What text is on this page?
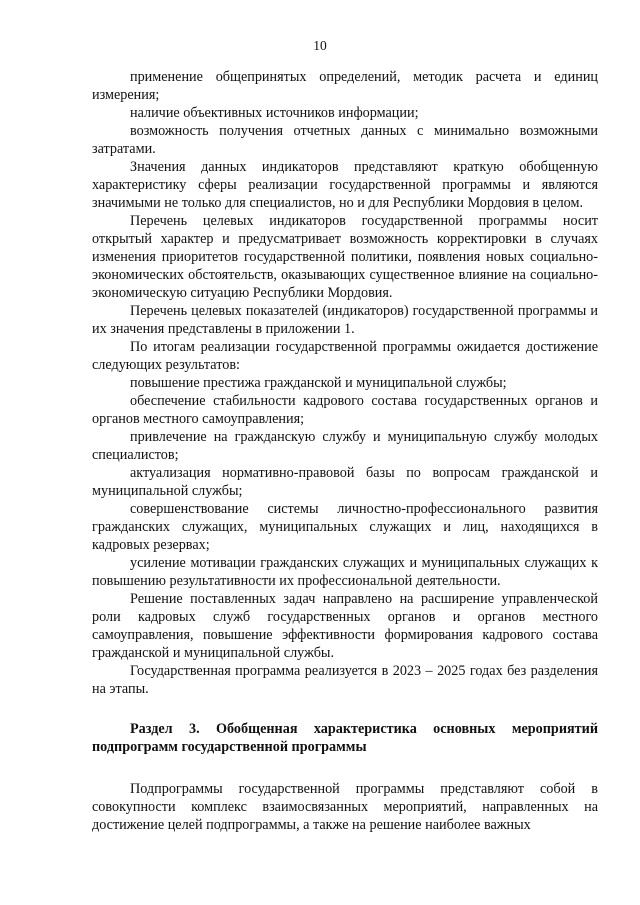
10

применение общепринятых определений, методик расчета и единиц измерения;

наличие объективных источников информации;

возможность получения отчетных данных с минимально возможными затратами.

Значения данных индикаторов представляют краткую обобщенную характеристику сферы реализации государственной программы и являются значимыми не только для специалистов, но и для Республики Мордовия в целом.

Перечень целевых индикаторов государственной программы носит открытый характер и предусматривает возможность корректировки в случаях изменения приоритетов государственной политики, появления новых социально-экономических обстоятельств, оказывающих существенное влияние на социально-экономическую ситуацию Республики Мордовия.

Перечень целевых показателей (индикаторов) государственной программы и их значения представлены в приложении 1.

По итогам реализации государственной программы ожидается достижение следующих результатов:

повышение престижа гражданской и муниципальной службы;

обеспечение стабильности кадрового состава государственных органов и органов местного самоуправления;

привлечение на гражданскую службу и муниципальную службу молодых специалистов;

актуализация нормативно-правовой базы по вопросам гражданской и муниципальной службы;

совершенствование системы личностно-профессионального развития гражданских служащих, муниципальных служащих и лиц, находящихся в кадровых резервах;

усиление мотивации гражданских служащих и муниципальных служащих к повышению результативности их профессиональной деятельности.

Решение поставленных задач направлено на расширение управленческой роли кадровых служб государственных органов и органов местного самоуправления, повышение эффективности формирования кадрового состава гражданской и муниципальной службы.

Государственная программа реализуется в 2023 – 2025 годах без разделения на этапы.

Раздел 3. Обобщенная характеристика основных мероприятий подпрограмм государственной программы

Подпрограммы государственной программы представляют собой в совокупности комплекс взаимосвязанных мероприятий, направленных на достижение целей подпрограммы, а также на решение наиболее важных
